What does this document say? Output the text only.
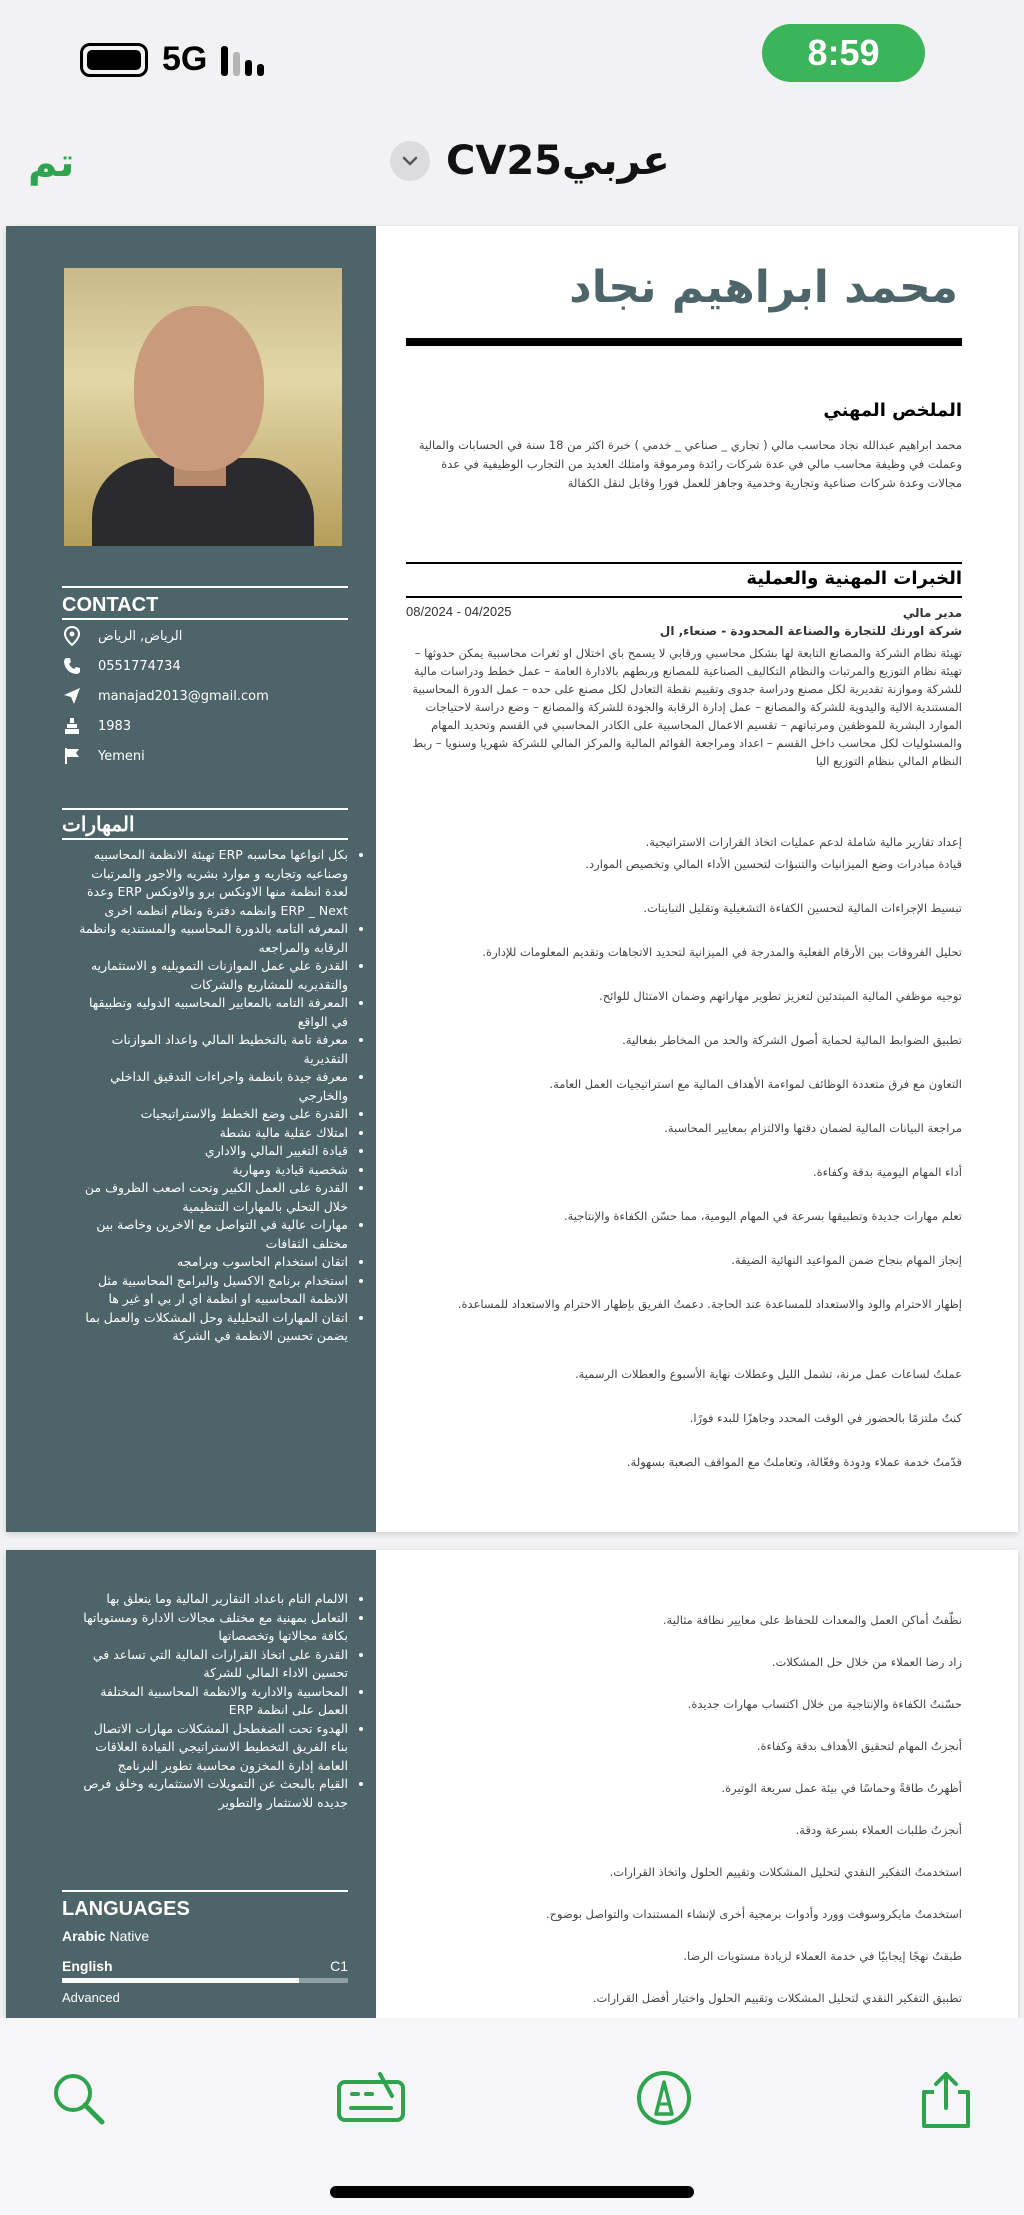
5G	8:59
تم	CV25عربي
CONTACT
الرياض, الرياض
0551774734
manajad2013@gmail.com
1983
Yemeni
المهارات
• بكل انواعها محاسبه ERP تهيئة الانظمة المحاسبيه وصناعيه وتجاريه و موارد بشريه والاجور والمرتبات لعدة انظمة منها الاونكس برو والاونكس ERP وعدة ERP _ Next وانظمه دفترة ونظام انظمه اخرى
• المعرفه التامه بالدورة المحاسبيه والمستنديه وانظمة الرقابه والمراجعه
• القدرة علي عمل الموازنات التمويليه و الاستثماريه والتقديريه للمشاريع والشركات
• المعرفة التامه بالمعايير المحاسبيه الدوليه وتطبيقها في الواقع
• معرفة تامة بالتخطيط المالي واعداد الموازنات التقديرية
• معرفة جيدة بانظمة واجراءات التدقيق الداخلي والخارجي
• القدرة على وضع الخطط والاستراتيجيات
• امتلاك عقلية مالية نشطة
• قيادة التغيير المالي والاداري
• شخصية قيادية ومهارية
• القدرة على العمل الكبير وتحت اصعب الظروف من خلال التحلي بالمهارات التنظيمية
• مهارات عالية في التواصل مع الاخرين وخاصة بين مختلف الثقافات
• اتقان استخدام الحاسوب وبرامجه
• استخدام برنامج الاكسيل والبرامج المحاسبية مثل الانظمة المحاسبيه او انظمة اي ار بي او غير ها
• اتقان المهارات التحليلية وحل المشكلات والعمل بما يضمن تحسين الانظمة في الشركة
محمد ابراهيم نجاد
الملخص المهني
محمد ابراهيم عبدالله نجاد محاسب مالي ( تجاري _ صناعي _ خدمي ) خبرة اكثر من 18 سنة في الحسابات والمالية وعملت في وظيفة محاسب مالي في عدة شركات رائدة ومرموقة وامتلك العديد من التجارب الوظيفية في عدة مجالات وعدة شركات صناعية وتجارية وخدمية وجاهز للعمل فورا وقابل لنقل الكفالة
الخبرات المهنية والعملية
08/2024 - 04/2025	مدير مالي
شركة اورنك للتجارة والصناعة المحدودة - صنعاء, ال
تهيئة نظام الشركة والمصانع التابعة لها بشكل محاسبي ورقابي لا يسمح باي اختلال او ثغرات محاسبية يمكن حدوثها – تهيئة نظام التوزيع والمرتبات والنظام التكاليف الصناعية للمصانع وربطهم بالادارة العامة – عمل خطط ودراسات مالية للشركة وموازنة تقديرية لكل مصنع ودراسة جدوى وتقييم نقطة التعادل لكل مصنع على حده – عمل الدورة المحاسبية المستندية الالية واليدوية للشركة والمصانع – عمل إدارة الرقابة والجودة للشركة والمصانع – وضع دراسة لاحتياجات الموارد البشرية للموظفين ومرتباتهم – تقسيم الاعمال المحاسبية على الكادر المحاسبي في القسم وتحديد المهام والمسئوليات لكل محاسب داخل القسم – اعداد ومراجعة القوائم المالية والمركز المالي للشركة شهريا وسنويا – ربط النظام المالي بنظام التوزيع اليا
إعداد تقارير مالية شاملة لدعم عمليات اتخاذ القرارات الاستراتيجية.
قيادة مبادرات وضع الميزانيات والتنبؤات لتحسين الأداء المالي وتخصيص الموارد.
تبسيط الإجراءات المالية لتحسين الكفاءة التشغيلية وتقليل التباينات.
تحليل الفروقات بين الأرقام الفعلية والمدرجة في الميزانية لتحديد الاتجاهات وتقديم المعلومات للإدارة.
توجيه موظفي المالية المبتدئين لتعزيز تطوير مهاراتهم وضمان الامتثال للوائح.
تطبيق الضوابط المالية لحماية أصول الشركة والحد من المخاطر بفعالية.
التعاون مع فرق متعددة الوظائف لمواءمة الأهداف المالية مع استراتيجيات العمل العامة.
مراجعة البيانات المالية لضمان دقتها والالتزام بمعايير المحاسبة.
أداء المهام اليومية بدقة وكفاءة.
تعلم مهارات جديدة وتطبيقها بسرعة في المهام اليومية، مما حسّن الكفاءة والإنتاجية.
إنجاز المهام بنجاح ضمن المواعيد النهائية الضيقة.
إظهار الاحترام والود والاستعداد للمساعدة عند الحاجة. دعمتُ الفريق بإظهار الاحترام والاستعداد للمساعدة.
عملتُ لساعات عمل مرنة، تشمل الليل وعطلات نهاية الأسبوع والعطلات الرسمية.
كنتُ ملتزمًا بالحضور في الوقت المحدد وجاهزًا للبدء فورًا.
قدّمتُ خدمة عملاء ودودة وفعّالة، وتعاملتُ مع المواقف الصعبة بسهولة.
• الالمام التام باعداد التقارير المالية وما يتعلق بها
• التعامل بمهنية مع مختلف مجالات الادارة ومستوياتها بكافة مجالاتها وتخصصاتها
• القدرة على اتخاذ القرارات المالية التي تساعد في تحسين الاداء المالي للشركة
• المحاسبية والادارية والانظمة المحاسبية المختلفة العمل على انظمة ERP
• الهدوء تحت الضغطحل المشكلات مهارات الاتصال بناء الفريق التخطيط الاستراتيجي القيادة العلاقات العامة إدارة المخزون محاسبة تطوير البرنامج
• القيام بالبحث عن التمويلات الاستثماريه وخلق فرص جديده للاستثمار والتطوير
LANGUAGES
Arabic Native
English	C1
Advanced
نظّفتُ أماكن العمل والمعدات للحفاظ على معايير نظافة مثالية.
زاد رضا العملاء من خلال حل المشكلات.
حسّنتُ الكفاءة والإنتاجية من خلال اكتساب مهارات جديدة.
أنجزتُ المهام لتحقيق الأهداف بدقة وكفاءة.
أظهرتُ طاقةً وحماسًا في بيئة عمل سريعة الوتيرة.
أنجزتُ طلبات العملاء بسرعة ودقة.
استخدمتُ التفكير النقدي لتحليل المشكلات وتقييم الحلول واتخاذ القرارات.
استخدمتُ مايكروسوفت وورد وأدوات برمجية أخرى لإنشاء المستندات والتواصل بوضوح.
طبقتُ نهجًا إيجابيًا في خدمة العملاء لزيادة مستويات الرضا.
تطبيق التفكير النقدي لتحليل المشكلات وتقييم الحلول واختيار أفضل القرارات.
